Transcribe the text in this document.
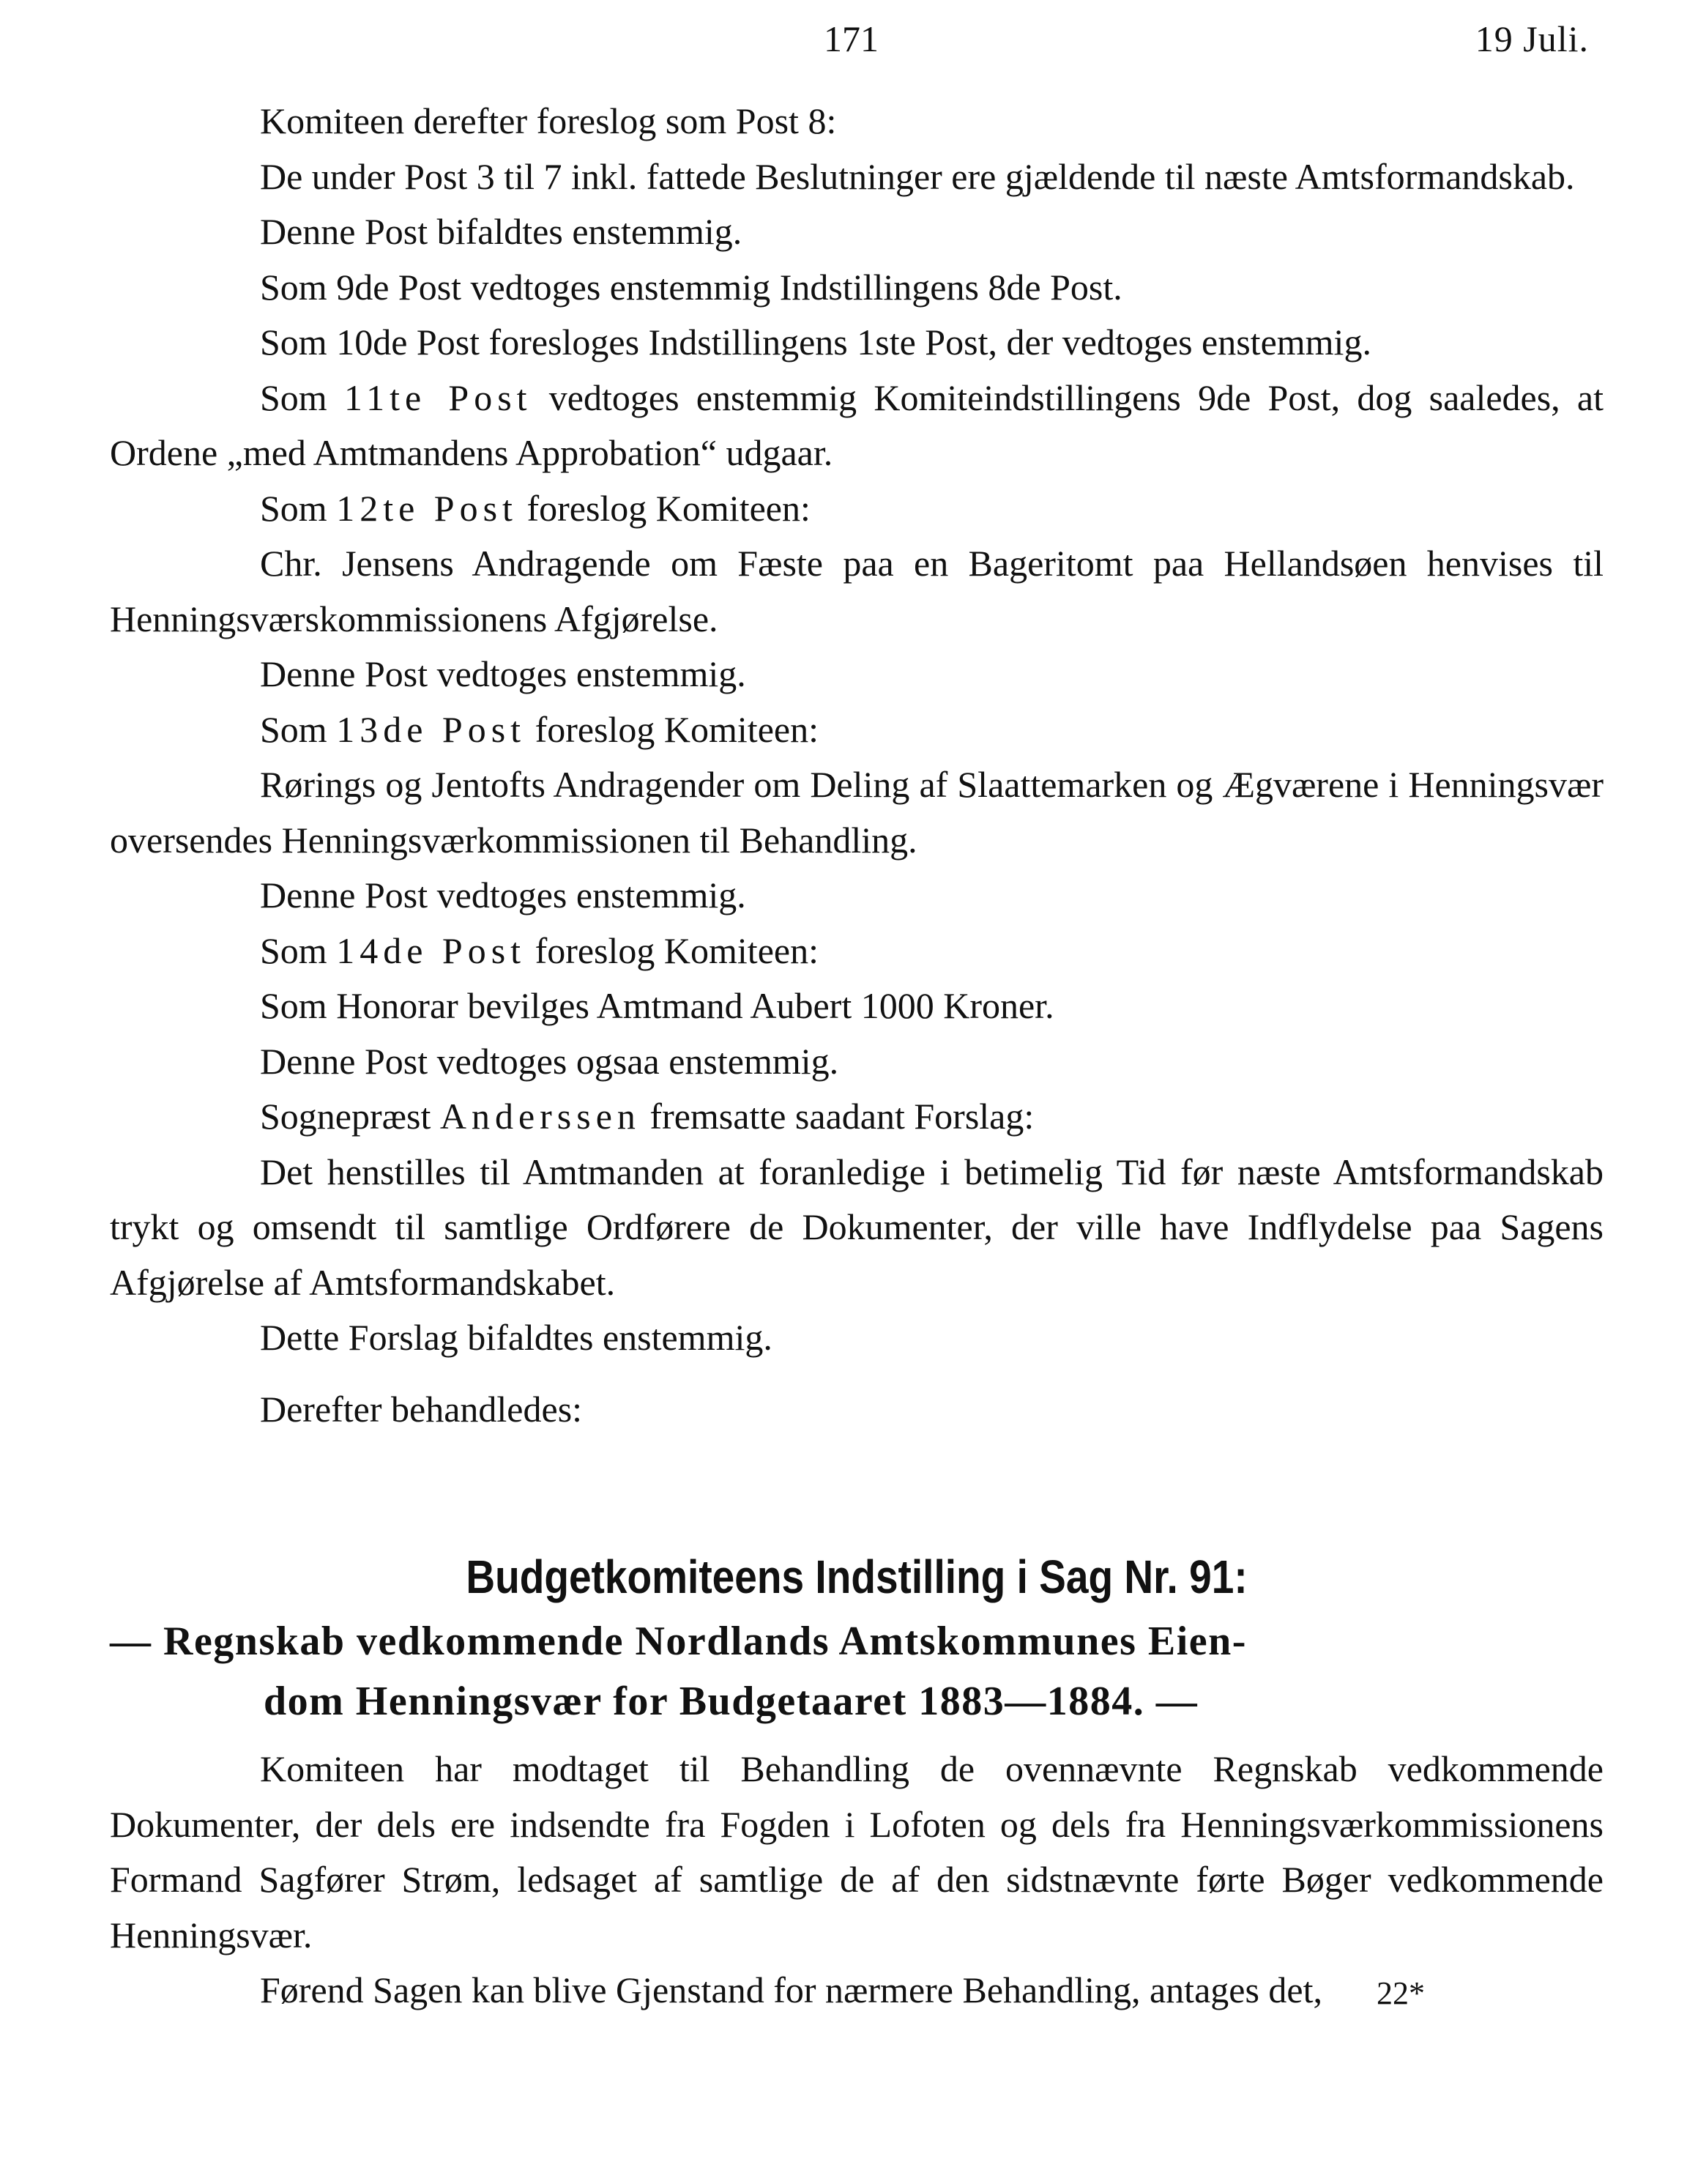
171	19 Juli.

Komiteen derefter foreslog som Post 8:

De under Post 3 til 7 inkl. fattede Beslutninger ere gjældende til næste Amtsformandskab.

Denne Post bifaldtes enstemmig.

Som 9de Post vedtoges enstemmig Indstillingens 8de Post.

Som 10de Post foresloges Indstillingens 1ste Post, der vedtoges enstemmig.

Som 11te Post vedtoges enstemmig Komiteindstillingens 9de Post, dog saaledes, at Ordene „med Amtmandens Approbation“ udgaar.

Som 12te Post foreslog Komiteen:

Chr. Jensens Andragende om Fæste paa en Bageritomt paa Hellandsøen henvises til Henningsværskommissionens Afgjørelse.

Denne Post vedtoges enstemmig.

Som 13de Post foreslog Komiteen:

Rørings og Jentofts Andragender om Deling af Slaattemarken og Ægværene i Henningsvær oversendes Henningsværkommissionen til Behandling.

Denne Post vedtoges enstemmig.

Som 14de Post foreslog Komiteen:

Som Honorar bevilges Amtmand Aubert 1000 Kroner.

Denne Post vedtoges ogsaa enstemmig.

Sognepræst Anderssen fremsatte saadant Forslag:

Det henstilles til Amtmanden at foranledige i betimelig Tid før næste Amtsformandskab trykt og omsendt til samtlige Ordførere de Dokumenter, der ville have Indflydelse paa Sagens Afgjørelse af Amtsformandskabet.

Dette Forslag bifaldtes enstemmig.

Derefter behandledes:

Budgetkomiteens Indstilling i Sag Nr. 91:

— Regnskab vedkommende Nordlands Amtskommunes Eien-

dom Henningsvær for Budgetaaret 1883—1884. —

Komiteen har modtaget til Behandling de ovennævnte Regnskab vedkommende Dokumenter, der dels ere indsendte fra Fogden i Lofoten og dels fra Henningsværkommissionens Formand Sagfører Strøm, ledsaget af samtlige de af den sidstnævnte førte Bøger vedkommende Henningsvær.

Førend Sagen kan blive Gjenstand for nærmere Behandling, antages det,	22*
